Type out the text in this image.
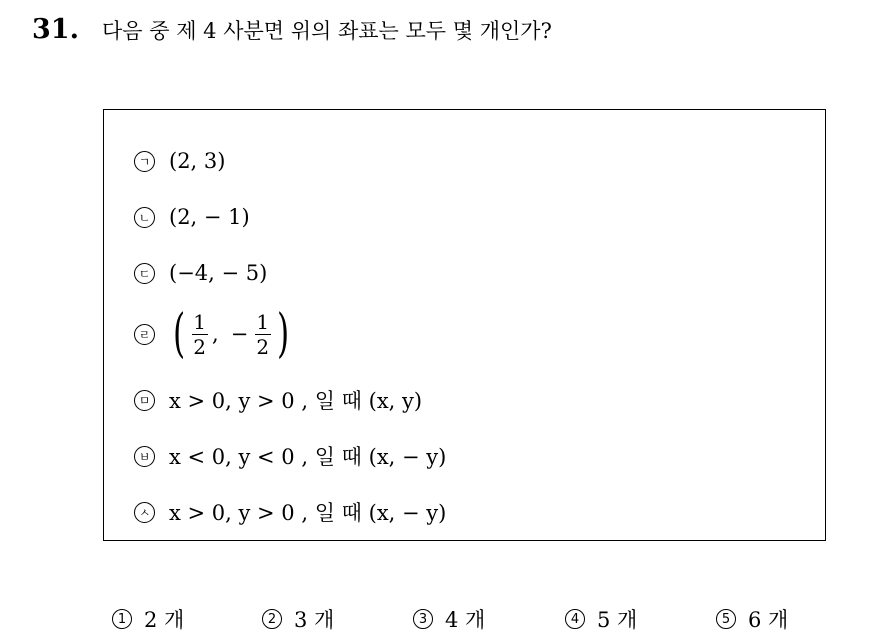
31.	다음 중 제 4 사분면 위의 좌표는 모두 몇 개인가?
ㄱ (2, 3)
ㄴ (2, − 1)
ㄷ (−4, − 5)
ㄹ ( $\frac{1}{2}$ , − $\frac{1}{2}$ )
ㅁ x > 0, y > 0 , 일 때 (x, y)
ㅂ x < 0, y < 0 , 일 때 (x, − y)
ㅅ x > 0, y > 0 , 일 때 (x, − y)
1 2 개	2 3 개	3 4 개	4 5 개	5 6 개
